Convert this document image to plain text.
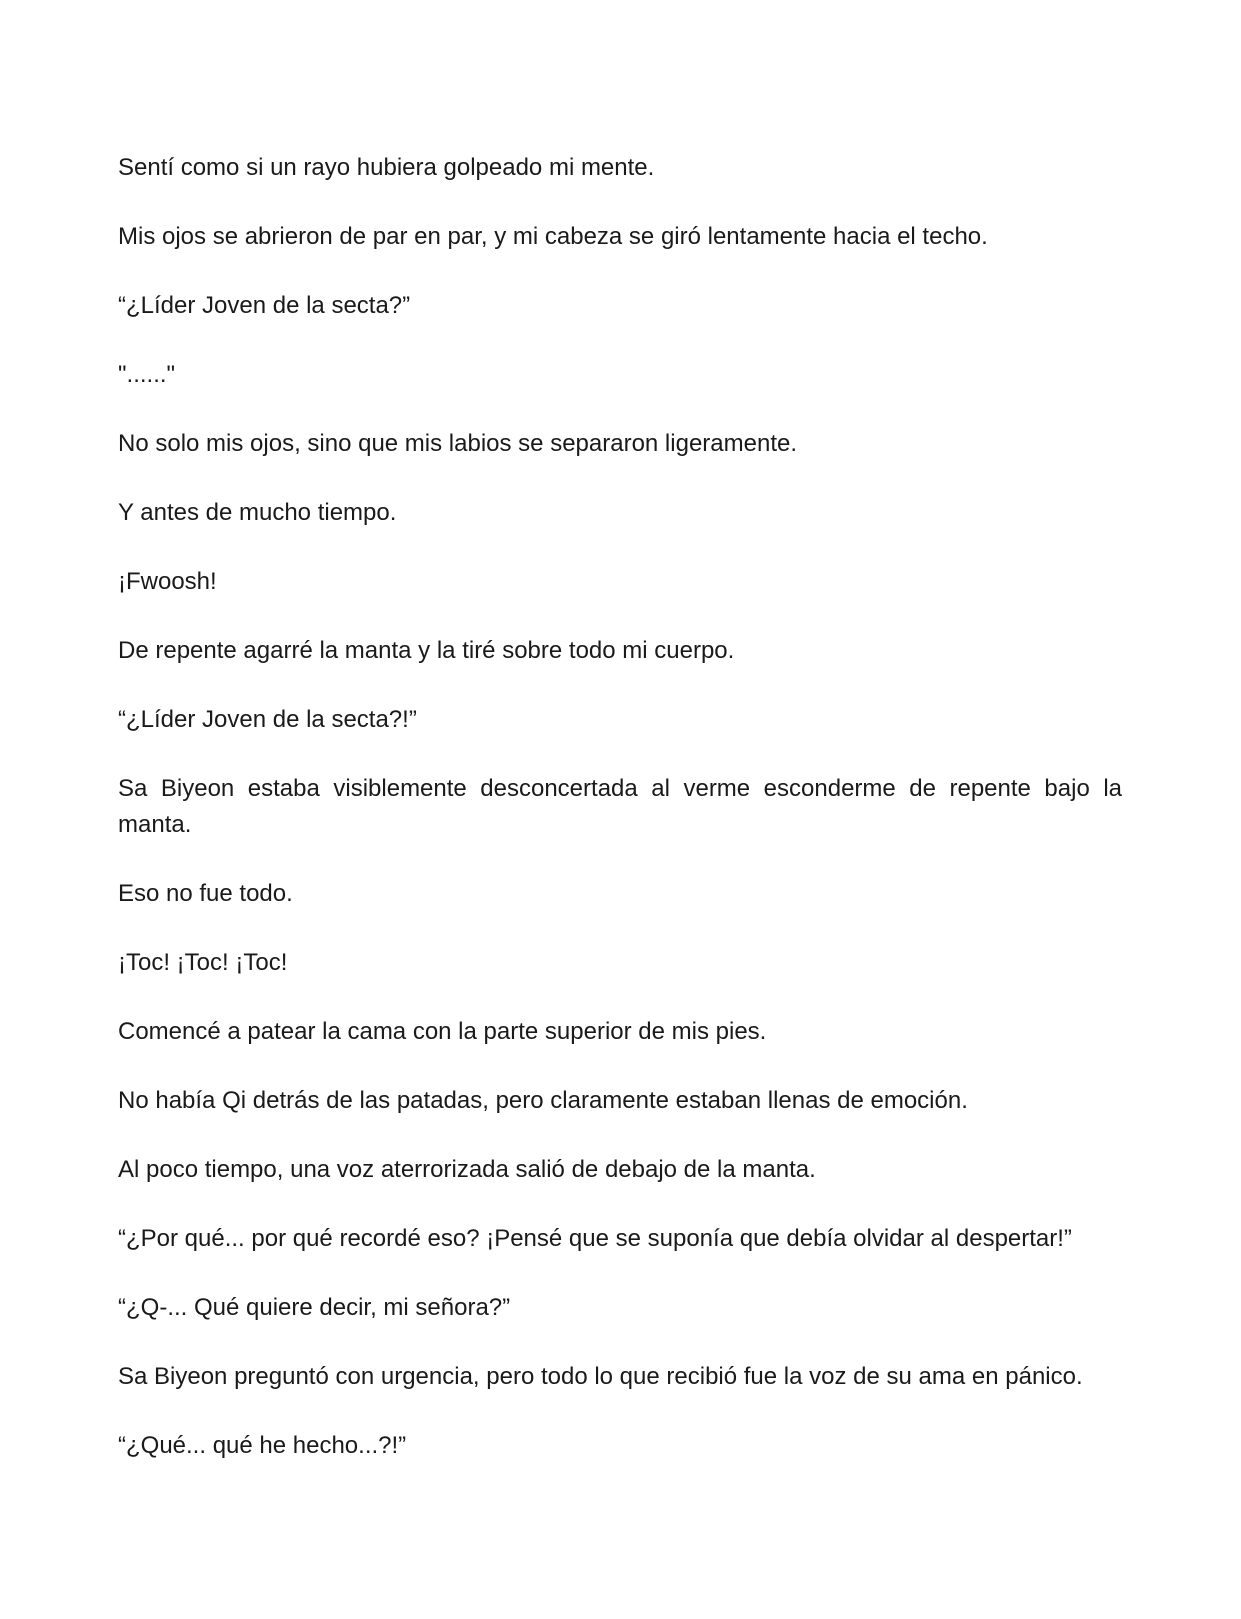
Sentí como si un rayo hubiera golpeado mi mente.

Mis ojos se abrieron de par en par, y mi cabeza se giró lentamente hacia el techo.

“¿Líder Joven de la secta?”

"......"

No solo mis ojos, sino que mis labios se separaron ligeramente.

Y antes de mucho tiempo.

¡Fwoosh!

De repente agarré la manta y la tiré sobre todo mi cuerpo.

“¿Líder Joven de la secta?!”

Sa Biyeon estaba visiblemente desconcertada al verme esconderme de repente bajo la manta.

Eso no fue todo.

¡Toc! ¡Toc! ¡Toc!

Comencé a patear la cama con la parte superior de mis pies.

No había Qi detrás de las patadas, pero claramente estaban llenas de emoción.

Al poco tiempo, una voz aterrorizada salió de debajo de la manta.

“¿Por qué... por qué recordé eso? ¡Pensé que se suponía que debía olvidar al despertar!”

“¿Q-... Qué quiere decir, mi señora?”

Sa Biyeon preguntó con urgencia, pero todo lo que recibió fue la voz de su ama en pánico.

“¿Qué... qué he hecho...?!”
